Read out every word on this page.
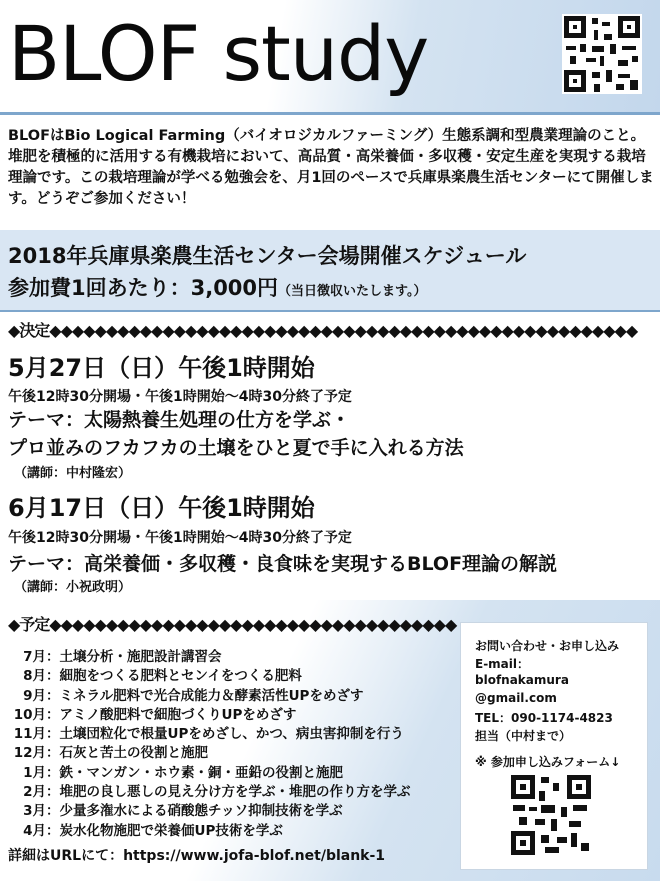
BLOF study

BLOFはBio Logical Farming（バイオロジカルファーミング）生態系調和型農業理論のこと。堆肥を積極的に活用する有機栽培において、高品質・高栄養価・多収穫・安定生産を実現する栽培理論です。この栽培理論が学べる勉強会を、月1回のペースで兵庫県楽農生活センターにて開催します。どうぞご参加ください！

2018年兵庫県楽農生活センター会場開催スケジュール
参加費1回あたり：3,000円（当日徴収いたします。）
◆決定◆◆◆◆◆◆◆◆◆◆◆◆◆◆◆◆◆◆◆◆◆◆◆◆◆◆◆◆◆◆◆◆◆◆◆◆◆◆◆◆◆◆◆◆◆◆◆◆◆◆◆◆
5月27日（日）午後1時開始
午後12時30分開場・午後1時開始〜4時30分終了予定
テーマ：太陽熱養生処理の仕方を学ぶ・
プロ並みのフカフカの土壌をひと夏で手に入れる方法
（講師：中村隆宏）
6月17日（日）午後1時開始
午後12時30分開場・午後1時開始〜4時30分終了予定
テーマ：高栄養価・多収穫・良食味を実現するBLOF理論の解説
（講師：小祝政明）
◆予定◆◆◆◆◆◆◆◆◆◆◆◆◆◆◆◆◆◆◆◆◆◆◆◆◆◆◆◆◆◆◆◆◆◆◆◆
7月：土壌分析・施肥設計講習会
8月：細胞をつくる肥料とセンイをつくる肥料
9月：ミネラル肥料で光合成能力＆酵素活性UPをめざす
10月：アミノ酸肥料で細胞づくりUPをめざす
11月：土壌団粒化で根量UPをめざし、かつ、病虫害抑制を行う
12月：石灰と苦土の役割と施肥
1月：鉄・マンガン・ホウ素・銅・亜鉛の役割と施肥
2月：堆肥の良し悪しの見え分け方を学ぶ・堆肥の作り方を学ぶ
3月：少量多潅水による硝酸態チッソ抑制技術を学ぶ
4月：炭水化物施肥で栄養価UP技術を学ぶ
詳細はURLにて：https://www.jofa-blof.net/blank-1
お問い合わせ・お申し込み
E-mail：
blofnakamura
@gmail.com
TEL：090-1174-4823
担当（中村まで）
※ 参加申し込みフォーム↓
